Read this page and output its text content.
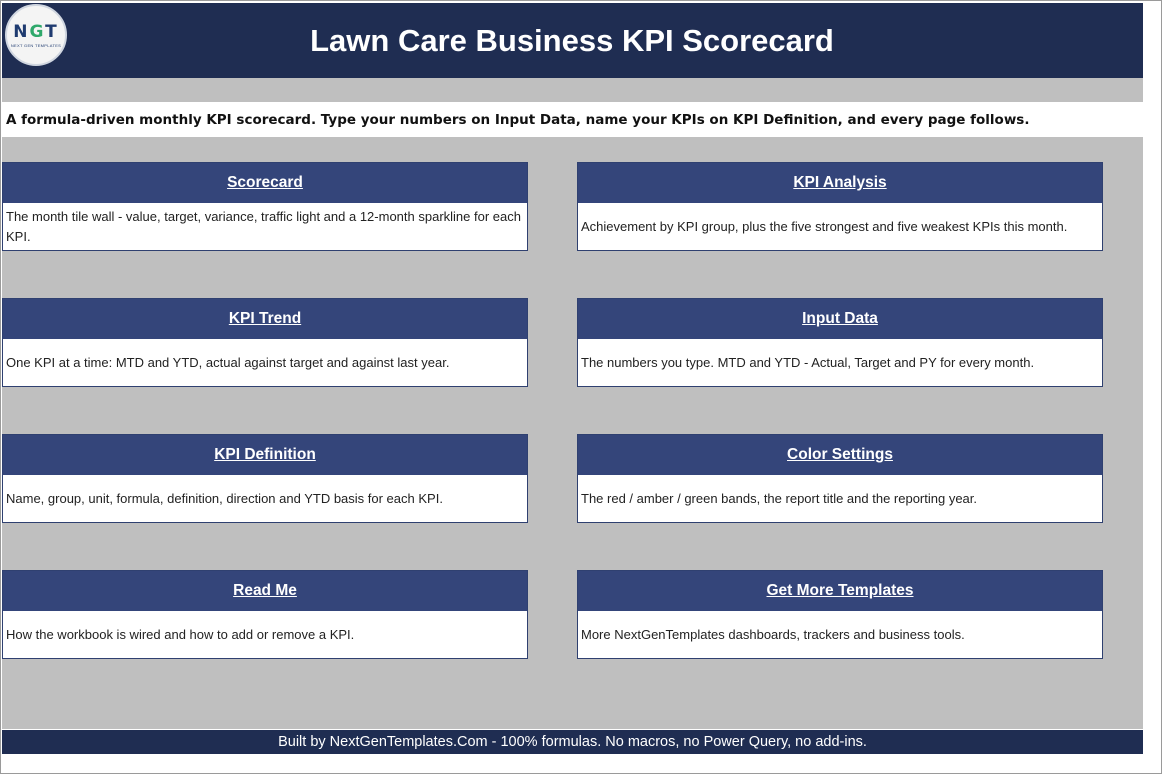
NGT
NEXT GEN TEMPLATES	Lawn Care Business KPI Scorecard
A formula-driven monthly KPI scorecard. Type your numbers on Input Data, name your KPIs on KPI Definition, and every page follows.
Scorecard
The month tile wall - value, target, variance, traffic light and a 12-month sparkline for each KPI.
KPI Analysis
Achievement by KPI group, plus the five strongest and five weakest KPIs this month.
KPI Trend
One KPI at a time: MTD and YTD, actual against target and against last year.
Input Data
The numbers you type. MTD and YTD - Actual, Target and PY for every month.
KPI Definition
Name, group, unit, formula, definition, direction and YTD basis for each KPI.
Color Settings
The red / amber / green bands, the report title and the reporting year.
Read Me
How the workbook is wired and how to add or remove a KPI.
Get More Templates
More NextGenTemplates dashboards, trackers and business tools.
Built by NextGenTemplates.Com - 100% formulas. No macros, no Power Query, no add-ins.
